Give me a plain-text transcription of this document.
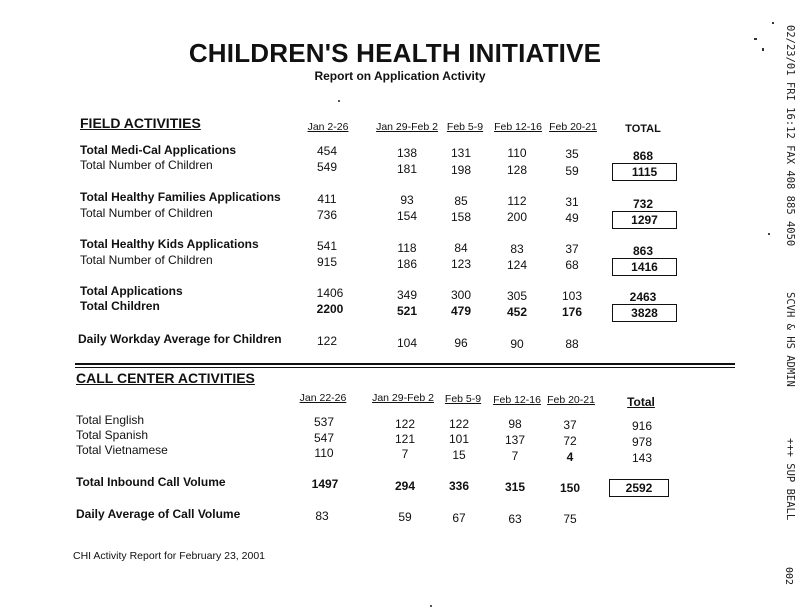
CHILDREN'S HEALTH INITIATIVE
Report on Application Activity	02/23/01 FRI 16:12 FAX 408 885 4050
SCVH & HS ADMIN
+++ SUP BEALL
002
FIELD ACTIVITIES	Jan 2-26	Jan 29-Feb 2 Feb 5-9	Feb 12-16 Feb 20-21	TOTAL
Total Medi-Cal Applications	454	138	131	110	35	868
Total Number of Children	549	181	198	128	59	1115
Total Healthy Families Applications	411	93	85	112	31	732
Total Number of Children	736	154	158	200	49	1297
Total Healthy Kids Applications	541	118	84	83	37	863
Total Number of Children	915	186	123	124	68	1416
Total Applications	1406	349	300	305	103	2463
Total Children	2200	521	479	452	176	3828
Daily Workday Average for Children	122	104	96	90	88
CALL CENTER ACTIVITIES
Jan 22-26	Jan 29-Feb 2	Feb 5-9	Feb 12-16 Feb 20-21	Total
Total English	537	122	122	98	37	916
Total Spanish	547	121	101	137	72	978
Total Vietnamese	110	7	15	7	4	143
Total Inbound Call Volume	1497	294	336	315	150	2592
Daily Average of Call Volume	83	59	67	63	75
CHI Activity Report for February 23, 2001
